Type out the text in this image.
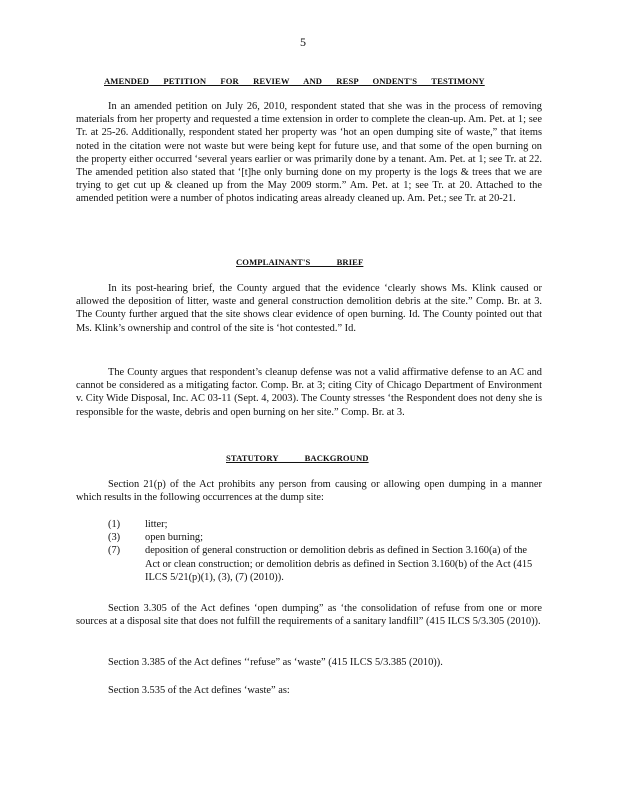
5
AMENDED PETITION FOR REVIEW AND RESP ONDENT'S TESTIMONY

In an amended petition on July 26, 2010, respondent stated that she was in the process of removing materials from her property and requested a time extension in order to complete the clean-up. Am. Pet. at 1; see Tr. at 25-26. Additionally, respondent stated her property was ‘hot an open dumping site of waste,” that items noted in the citation were not waste but were being kept for future use, and that some of the open burning on the property either occurred ‘several years earlier or was primarily done by a tenant. Am. Pet. at 1; see Tr. at 22. The amended petition also stated that ‘[t]he only burning done on my property is the logs & trees that we are trying to get cut up & cleaned up from the May 2009 storm.” Am. Pet. at 1; see Tr. at 20. Attached to the amended petition were a number of photos indicating areas already cleaned up. Am. Pet.; see Tr. at 20-21.

COMPLAINANT'S BRIEF

In its post-hearing brief, the County argued that the evidence ‘clearly shows Ms. Klink caused or allowed the deposition of litter, waste and general construction demolition debris at the site.” Comp. Br. at 3. The County further argued that the site shows clear evidence of open burning. Id. The County pointed out that Ms. Klink’s ownership and control of the site is ‘hot contested.” Id.

The County argues that respondent’s cleanup defense was not a valid affirmative defense to an AC and cannot be considered as a mitigating factor. Comp. Br. at 3; citing City of Chicago Department of Environment v. City Wide Disposal, Inc. AC 03-11 (Sept. 4, 2003). The County stresses ‘the Respondent does not deny she is responsible for the waste, debris and open burning on her site.” Comp. Br. at 3.

STATUTORY BACKGROUND

Section 21(p) of the Act prohibits any person from causing or allowing open dumping in a manner which results in the following occurrences at the dump site:

(1)	litter;
(3)	open burning;
(7)	deposition of general construction or demolition debris as defined in Section 3.160(a) of the Act or clean construction; or demolition debris as defined in Section 3.160(b) of the Act (415 ILCS 5/21(p)(1), (3), (7) (2010)).

Section 3.305 of the Act defines ‘open dumping” as ‘the consolidation of refuse from one or more sources at a disposal site that does not fulfill the requirements of a sanitary landfill” (415 ILCS 5/3.305 (2010)).

Section 3.385 of the Act defines ‘‘refuse” as ‘waste” (415 ILCS 5/3.385 (2010)).

Section 3.535 of the Act defines ‘waste” as:
